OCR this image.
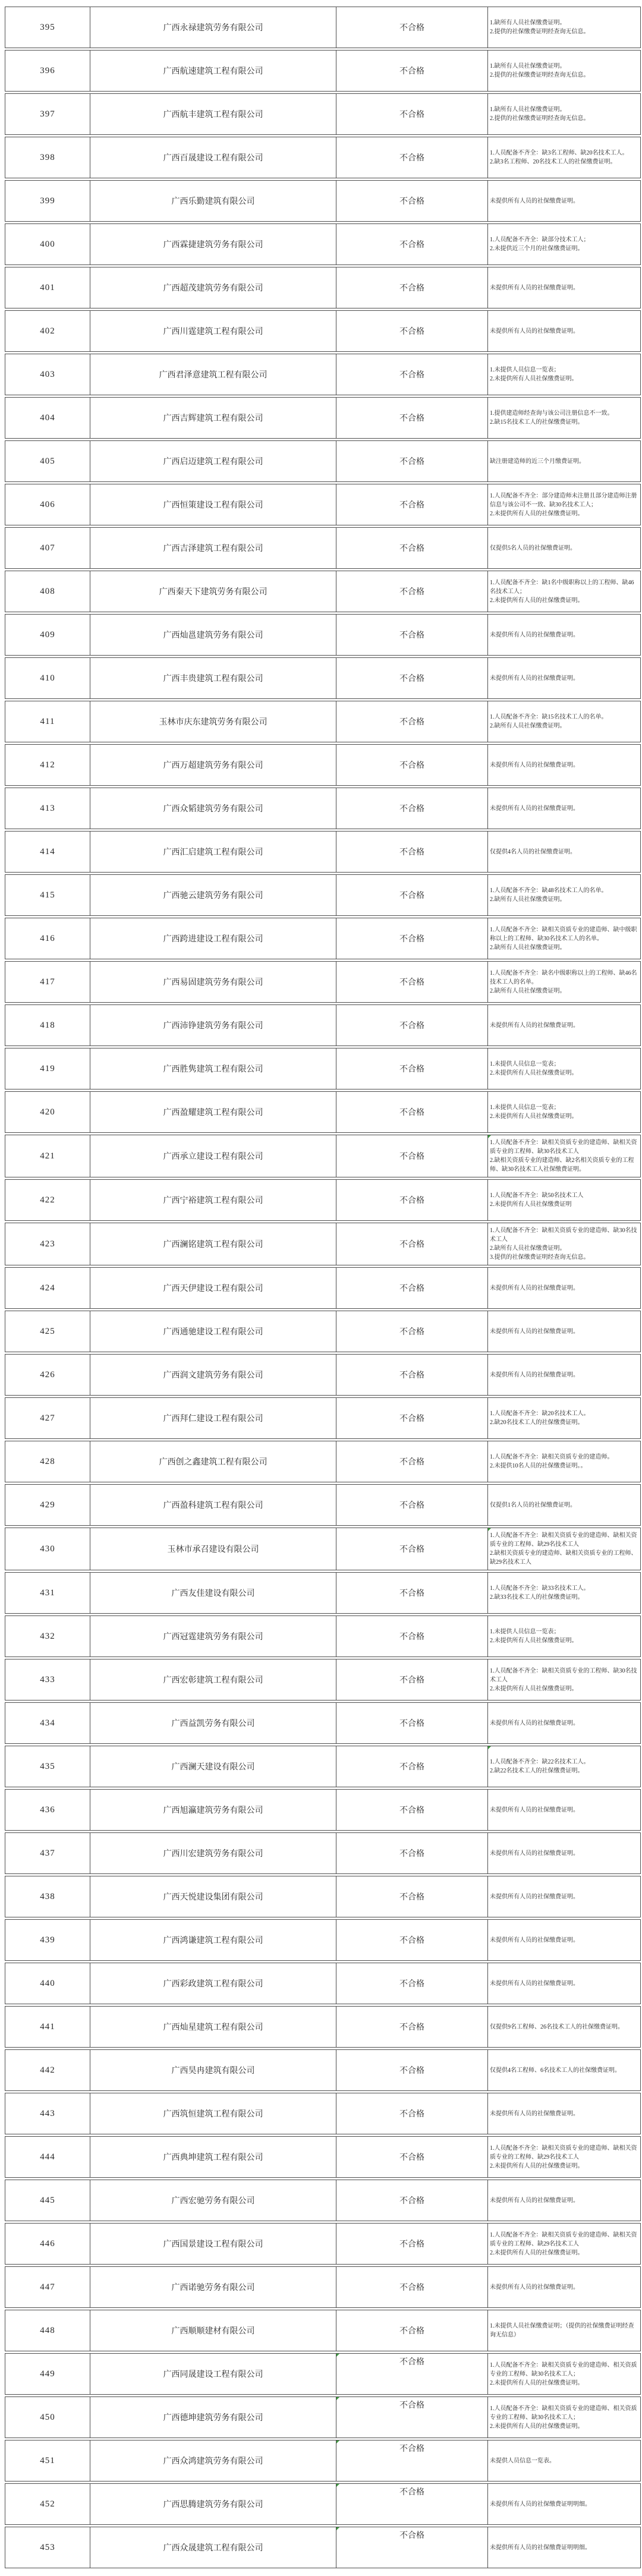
395	广西永禄建筑劳务有限公司	不合格	1.缺所有人员社保缴费证明。
2.提供的社保缴费证明经查询无信息。

396	广西航速建筑工程有限公司	不合格	1.缺所有人员社保缴费证明。
2.提供的社保缴费证明经查询无信息。

397	广西航丰建筑工程有限公司	不合格	1.缺所有人员社保缴费证明。
2.提供的社保缴费证明经查询无信息。

398	广西百晟建设工程有限公司	不合格	1.人员配备不齐全：缺3名工程师、缺20名技术工人。
2.缺3名工程师、20名技术工人的社保缴费证明。

399	广西乐勤建筑有限公司	不合格	未提供所有人员的社保缴费证明。

400	广西霖捷建筑劳务有限公司	不合格	1.人员配备不齐全：缺部分技术工人；
2.未提供近三个月的社保缴费证明。

401	广西超茂建筑劳务有限公司	不合格	未提供所有人员的社保缴费证明。

402	广西川霆建筑工程有限公司	不合格	未提供所有人员的社保缴费证明。

403	广西君泽意建筑工程有限公司	不合格	1.未提供人员信息一览表；
2.未提供所有人员社保缴费证明。

404	广西吉辉建筑工程有限公司	不合格	1.提供建造师经查询与该公司注册信息不一致。
2.缺15名技术工人的社保缴费证明。

405	广西启迈建筑工程有限公司	不合格	缺注册建造师的近三个月缴费证明。

406	广西恒策建设工程有限公司	不合格	1.人员配备不齐全：部分建造师未注册且部分建造师注册信息与该公司不一致、缺30名技术工人；
2.未提供所有人员的社保缴费证明。

407	广西吉泽建筑工程有限公司	不合格	仅提供5名人员的社保缴费证明。

408	广西秦天下建筑劳务有限公司	不合格	1.人员配备不齐全：缺1名中级职称以上的工程师、缺46名技术工人；
2.未提供所有人员的社保缴费证明。

409	广西灿邕建筑劳务有限公司	不合格	未提供所有人员的社保缴费证明。

410	广西丰贵建筑工程有限公司	不合格	未提供所有人员的社保缴费证明。

411	玉林市庆东建筑劳务有限公司	不合格	1.人员配备不齐全：缺15名技术工人的名单。
2.缺所有人员社保缴费证明。

412	广西万超建筑劳务有限公司	不合格	未提供所有人员的社保缴费证明。

413	广西众韬建筑劳务有限公司	不合格	未提供所有人员的社保缴费证明。

414	广西汇启建筑工程有限公司	不合格	仅提供4名人员的社保缴费证明。

415	广西驰云建筑劳务有限公司	不合格	1.人员配备不齐全：缺48名技术工人的名单。
2.缺所有人员社保缴费证明。

416	广西跨进建设工程有限公司	不合格	1.人员配备不齐全：缺相关资质专业的建造师、缺中级职称以上的工程师、缺30名技术工人的名单。
2.缺所有人员社保缴费证明。

417	广西易固建筑劳务有限公司	不合格	1.人员配备不齐全：缺名中级职称以上的工程师、缺46名技术工人的名单。
2.缺所有人员社保缴费证明。

418	广西沛铮建筑劳务有限公司	不合格	未提供所有人员的社保缴费证明。

419	广西胜隽建筑工程有限公司	不合格	1.未提供人员信息一览表；
2.未提供所有人员社保缴费证明。

420	广西盈耀建筑工程有限公司	不合格	1.未提供人员信息一览表；
2.未提供所有人员社保缴费证明。

421	广西承立建设工程有限公司	不合格	1.人员配备不齐全：缺相关资质专业的建造师、缺相关资质专业的工程师、缺30名技术工人
2.缺相关资质专业的建造师、缺2名相关资质专业的工程师、缺30名技术工人社保缴费证明。

422	广西宁裕建筑工程有限公司	不合格	1.人员配备不齐全：缺50名技术工人
2.未提供所有人员社保缴费证明

423	广西澜铭建筑工程有限公司	不合格	1.人员配备不齐全：缺相关资质专业的建造师、缺30名技术工人
2.缺所有人员社保缴费证明。
3.提供的社保缴费证明经查询无信息。

424	广西天伊建设工程有限公司	不合格	未提供所有人员的社保缴费证明。

425	广西通驰建设工程有限公司	不合格	未提供所有人员的社保缴费证明。

426	广西润文建筑劳务有限公司	不合格	未提供所有人员的社保缴费证明。

427	广西拜仁建设工程有限公司	不合格	1.人员配备不齐全：缺20名技术工人。
2.缺20名技术工人的社保缴费证明。

428	广西创之鑫建筑工程有限公司	不合格	1.人员配备不齐全：缺相关资质专业的建造师。
2.未提供10名人员的社保缴费证明。。

429	广西盈科建筑工程有限公司	不合格	仅提供1名人员的社保缴费证明。

430	玉林市承召建设有限公司	不合格	1.人员配备不齐全：缺相关资质专业的建造师、缺相关资质专业的工程师、缺29名技术工人
2.缺相关资质专业的建造师、缺相关资质专业的工程师、缺29名技术工人

431	广西友佳建设有限公司	不合格	1.人员配备不齐全：缺33名技术工人。
2.缺33名技术工人的社保缴费证明。

432	广西冠霆建筑劳务有限公司	不合格	1.未提供人员信息一览表；
2.未提供所有人员社保缴费证明。

433	广西宏彰建筑工程有限公司	不合格	1.人员配备不齐全：缺相关资质专业的工程师、缺30名技术工人
2.未提供所有人员社保缴费证明。

434	广西益凯劳务有限公司	不合格	未提供所有人员的社保缴费证明。

435	广西澜天建设有限公司	不合格	1.人员配备不齐全：缺22名技术工人。
2.缺22名技术工人的社保缴费证明。

436	广西旭瀛建筑劳务有限公司	不合格	未提供所有人员的社保缴费证明。

437	广西川宏建筑劳务有限公司	不合格	未提供所有人员的社保缴费证明。

438	广西天悦建设集团有限公司	不合格	未提供所有人员的社保缴费证明。

439	广西鸿谦建筑工程有限公司	不合格	未提供所有人员的社保缴费证明。

440	广西彩政建筑工程有限公司	不合格	未提供所有人员的社保缴费证明。

441	广西灿星建筑工程有限公司	不合格	仅提供9名工程师、26名技术工人的社保缴费证明。

442	广西昊冉建筑有限公司	不合格	仅提供4名工程师、6名技术工人的社保缴费证明。

443	广西筑恒建筑工程有限公司	不合格	未提供所有人员的社保缴费证明。

444	广西典坤建筑工程有限公司	不合格	1.人员配备不齐全：缺相关资质专业的建造师、缺相关资质专业的工程师、缺29名技术工人
2.未提供所有人员的社保缴费证明。

445	广西宏驰劳务有限公司	不合格	未提供所有人员的社保缴费证明。

446	广西国景建设工程有限公司	不合格	1.人员配备不齐全：缺相关资质专业的建造师、缺相关资质专业的工程师、缺29名技术工人
2.未提供所有人员的社保缴费证明。

447	广西诺驰劳务有限公司	不合格	未提供所有人员的社保缴费证明。

448	广西顺顺建材有限公司	不合格	1.未提供人员社保缴费证明；（提供的社保缴费证明经查询无信息）

449	广西同晟建设工程有限公司	不合格	1.人员配备不齐全：缺相关资质专业的建造师、相关资质专业的工程师、缺30名技术工人；
2.未提供所有人员的社保缴费证明。

450	广西德坤建筑劳务有限公司	不合格	1.人员配备不齐全：缺相关资质专业的建造师、相关资质专业的工程师、缺30名技术工人；
2.未提供所有人员的社保缴费证明。

451	广西众鸿建筑劳务有限公司	不合格	未提供人员信息一览表。

452	广西思腾建筑劳务有限公司	不合格	未提供所有人员的社保缴费证明明细。

453	广西众晟建筑工程有限公司	不合格	未提供所有人员的社保缴费证明明细。
